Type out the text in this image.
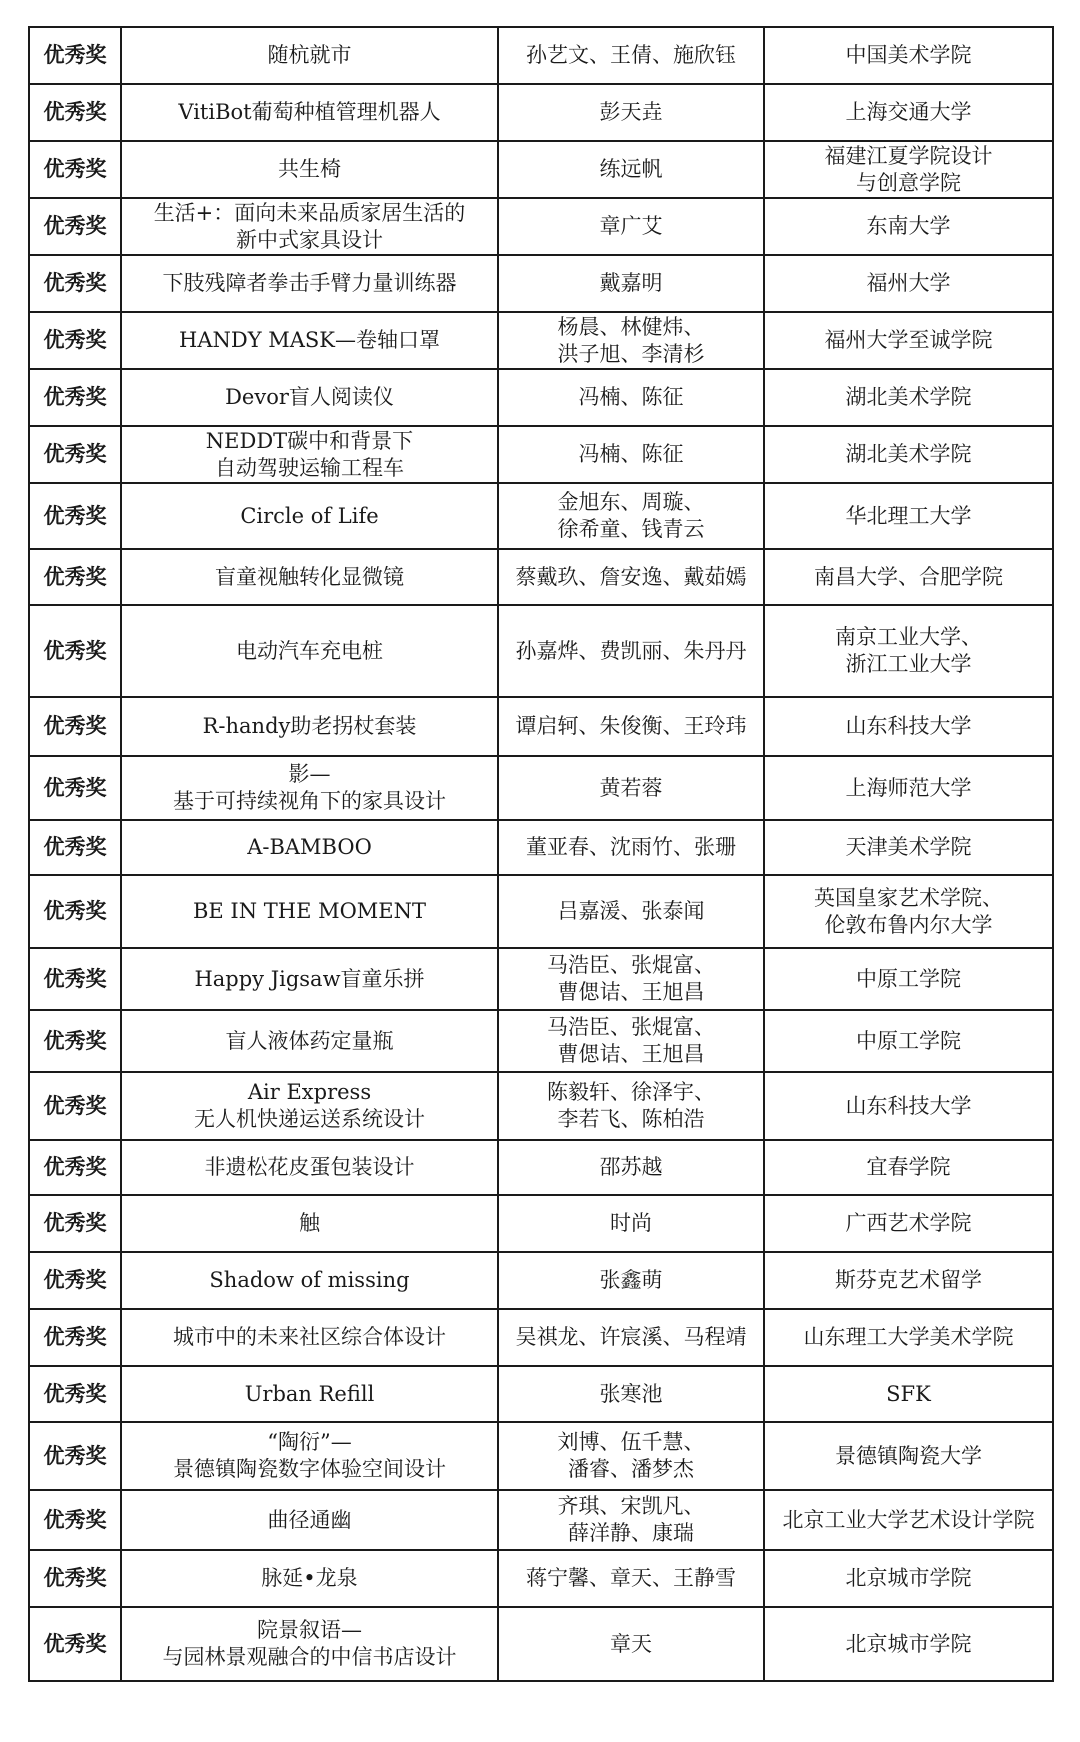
优秀奖	随杭就市	孙艺文、王倩、施欣钰	中国美术学院
优秀奖	VitiBot葡萄种植管理机器人	彭天垚	上海交通大学
优秀奖	共生椅	练远帆	福建江夏学院设计
与创意学院
优秀奖	生活+：面向未来品质家居生活的
新中式家具设计	章广艾	东南大学
优秀奖	下肢残障者拳击手臂力量训练器	戴嘉明	福州大学
优秀奖	HANDY MASK—卷轴口罩	杨晨、林健炜、
洪子旭、李清杉	福州大学至诚学院
优秀奖	Devor盲人阅读仪	冯楠、陈征	湖北美术学院
优秀奖	NEDDT碳中和背景下
自动驾驶运输工程车	冯楠、陈征	湖北美术学院
优秀奖	Circle of Life	金旭东、周璇、
徐希童、钱青云	华北理工大学
优秀奖	盲童视触转化显微镜	蔡戴玖、詹安逸、戴茹嫣	南昌大学、合肥学院
优秀奖	电动汽车充电桩	孙嘉烨、费凯丽、朱丹丹	南京工业大学、
浙江工业大学
优秀奖	R-handy助老拐杖套装	谭启轲、朱俊衡、王玲玮	山东科技大学
优秀奖	影—
基于可持续视角下的家具设计	黄若蓉	上海师范大学
优秀奖	A-BAMBOO	董亚春、沈雨竹、张珊	天津美术学院
优秀奖	BE IN THE MOMENT	吕嘉湲、张泰闻	英国皇家艺术学院、
伦敦布鲁内尔大学
优秀奖	Happy Jigsaw盲童乐拼	马浩臣、张焜富、
曹偲诘、王旭昌	中原工学院
优秀奖	盲人液体药定量瓶	马浩臣、张焜富、
曹偲诘、王旭昌	中原工学院
优秀奖	Air Express
无人机快递运送系统设计	陈毅轩、徐泽宇、
李若飞、陈柏浩	山东科技大学
优秀奖	非遗松花皮蛋包装设计	邵苏越	宜春学院
优秀奖	触	时尚	广西艺术学院
优秀奖	Shadow of missing	张鑫萌	斯芬克艺术留学
优秀奖	城市中的未来社区综合体设计	吴祺龙、许宸溪、马程靖	山东理工大学美术学院
优秀奖	Urban Refill	张寒池	SFK
优秀奖	“陶衍”—
景德镇陶瓷数字体验空间设计	刘博、伍千慧、
潘睿、潘梦杰	景德镇陶瓷大学
优秀奖	曲径通幽	齐琪、宋凯凡、
薛洋静、康瑞	北京工业大学艺术设计学院
优秀奖	脉延•龙泉	蒋宁馨、章天、王静雪	北京城市学院
优秀奖	院景叙语—
与园林景观融合的中信书店设计	章天	北京城市学院
